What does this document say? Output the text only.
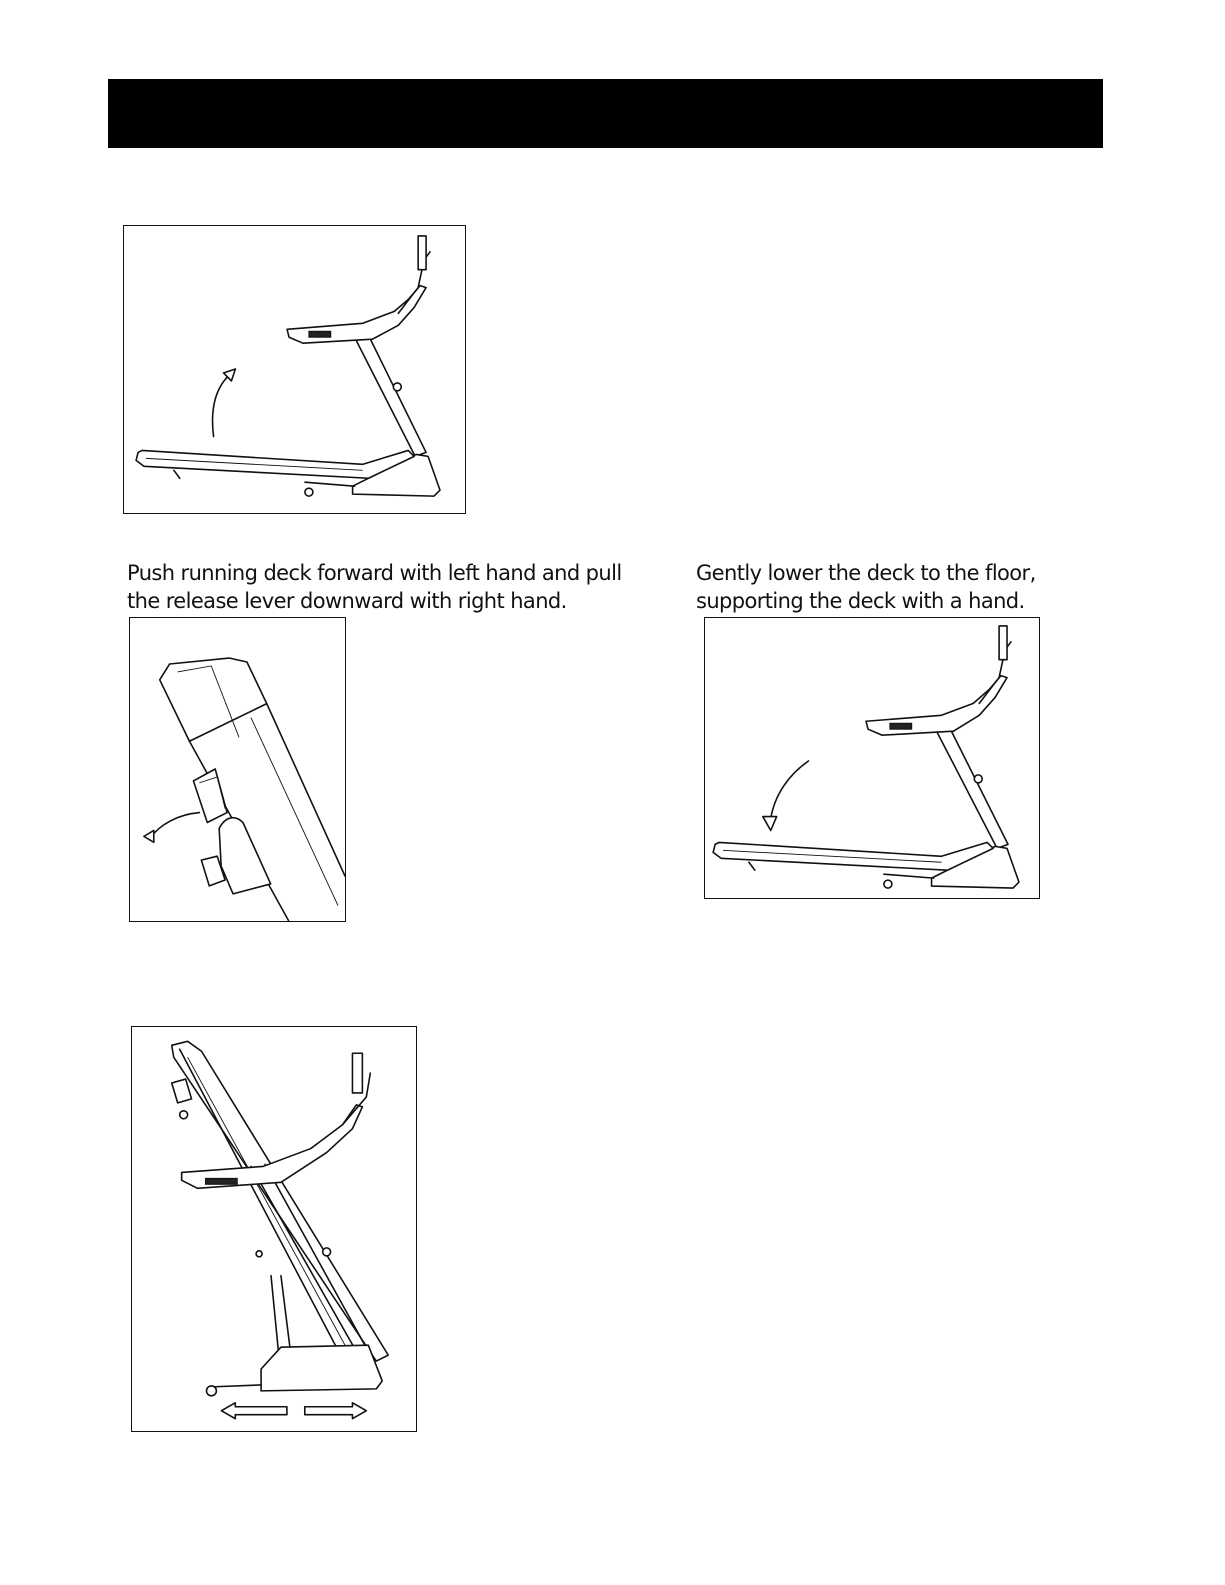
Push running deck forward with left hand and pull
the release lever downward with right hand.
Gently lower the deck to the floor,
supporting the deck with a hand.
